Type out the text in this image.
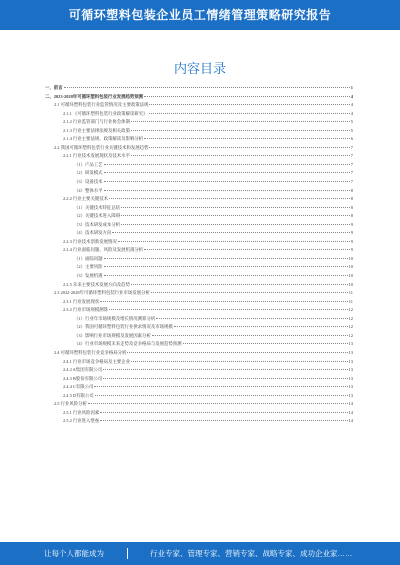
可循环塑料包装企业员工情绪管理策略研究报告
内容目录
一、前言	1
二、2023-2028年可循环塑料包装行业发展趋势预测	4
2.1 可循环塑料包装行业监管情况及主要政策法规	4
2.1.1 《可循环塑料包装行业政策解读研究》	4
2.1.2 行业监管部门与行业协会体制	5
2.1.3 行业主要法律法规及相关政策	5
2.1.4 行业主要法规、政策解读及影响分析	6
2.2 我国可循环塑料包装行业关键技术和发展趋势	7
2.2.1 行业技术发展现状及技术水平	7
（1）产品工艺	7
（2）研发模式	7
（3）设备技术	7
（4）整体水平	8
2.2.2 行业主要关键技术	8
（1）关键技术特征总结	8
（2）关键技术进入障碍	8
（3）技术研发成本分析	9
（4）技术研发方向	9
2.2.3 行业技术创新发展情况	9
2.2.4 行业面临问题、风险及发展机遇分析	9
（1）面临问题	10
（2）主要风险	10
（3）发展机遇	10
2.2.5 未来主要技术发展方向及趋势	10
2.3 2022-2028年可循环塑料包装行业市场发展分析	11
2.3.1 行业发展现状	11
2.3.2 行业市场规模测算	12
（1）行业年市场规模及增长情况测算分析	12
（2）我国可循环塑料包装行业供求情况及市场规模	12
（3）影响行业市场规模及发展因素分析	12
（4）行业市场规模未来走势及竞争格局与发展趋势预测	13
2.4 可循环塑料包装行业竞争格局分析	13
2.4.1 行业市场竞争格局及主要企业	13
2.4.2 A集团有限公司	13
2.4.3 B股份有限公司	13
2.4.4 C有限公司	13
2.4.5 D有限公司	13
2.5 行业风险分析	14
2.5.1 行业风险因素	14
2.5.2 行业进入壁垒	14
让每个人都能成为	行业专家、管理专家、营销专家、战略专家、成功企业家……
